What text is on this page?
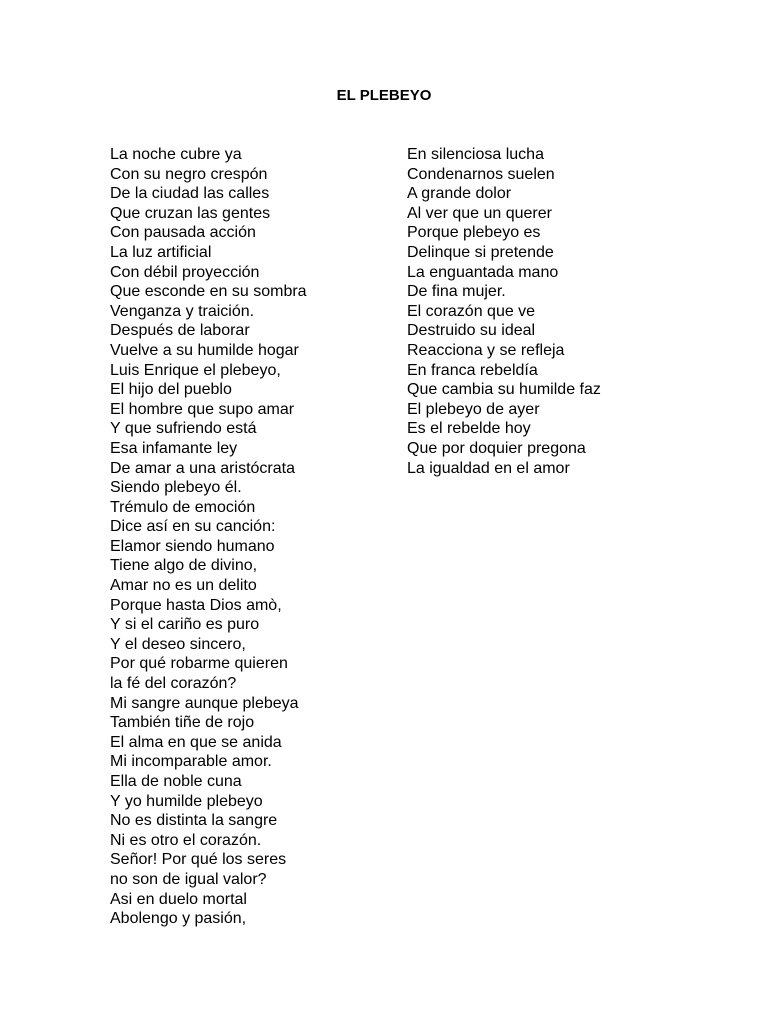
EL PLEBEYO
La noche cubre ya
Con su negro crespón
De la ciudad las calles
Que cruzan las gentes
Con pausada acción
La luz artificial
Con débil proyección
Que esconde en su sombra
Venganza y traición.
Después de laborar
Vuelve a su humilde hogar
Luis Enrique el plebeyo,
El hijo del pueblo
El hombre que supo amar
Y que sufriendo está
Esa infamante ley
De amar a una aristócrata
Siendo plebeyo él.
Trémulo de emoción
Dice así en su canción:
Elamor siendo humano
Tiene algo de divino,
Amar no es un delito
Porque hasta Dios amò,
Y si el cariño es puro
Y el deseo sincero,
Por qué robarme quieren
la fé del corazón?
Mi sangre aunque plebeya
También tiñe de rojo
El alma en que se anida
Mi incomparable amor.
Ella de noble cuna
Y yo humilde plebeyo
No es distinta la sangre
Ni es otro el corazón.
Señor! Por qué los seres
no son de igual valor?
Asi en duelo mortal
Abolengo y pasión,
En silenciosa lucha
Condenarnos suelen
A grande dolor
Al ver que un querer
Porque plebeyo es
Delinque si pretende
La enguantada mano
De fina mujer.
El corazón que ve
Destruido su ideal
Reacciona y se refleja
En franca rebeldía
Que cambia su humilde faz
El plebeyo de ayer
Es el rebelde hoy
Que por doquier pregona
La igualdad en el amor
